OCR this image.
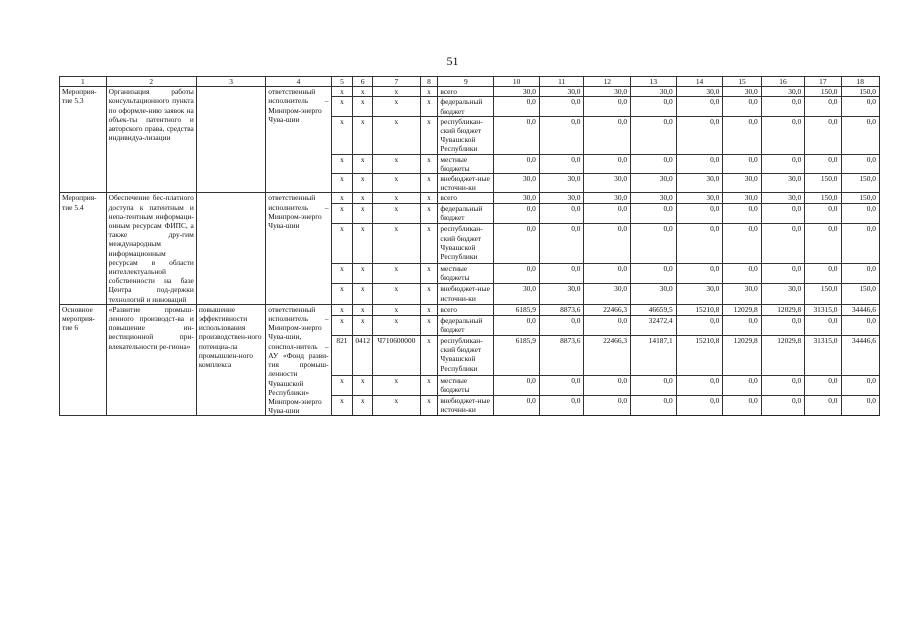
51
1	2	3	4	5	6	7	8	9	10	11	12	13	14	15	16	17	18
Мероприя-тие 5.3	Организация работы консультационного пункта по оформле-нию заявок на объек-ты патентного и авторского права, средства индивидуа-лизации		ответственный исполнитель – Минпром-энерго Чува-шии	x	x	x	x	всего	30,0	30,0	30,0	30,0	30,0	30,0	30,0	150,0	150,0
				x	x	x	x	федеральный бюджет	0,0	0,0	0,0	0,0	0,0	0,0	0,0	0,0	0,0
				x	x	x	x	республикан-ский бюджет Чувашской Республики	0,0	0,0	0,0	0,0	0,0	0,0	0,0	0,0	0,0
				x	x	x	x	местные бюджеты	0,0	0,0	0,0	0,0	0,0	0,0	0,0	0,0	0,0
				x	x	x	x	внебюджет-ные источни-ки	30,0	30,0	30,0	30,0	30,0	30,0	30,0	150,0	150,0
Мероприя-тие 5.4	Обеспечение бес-платного доступа к патентным и непа-тентным информаци-онным ресурсам ФИПС, а также дру-гим международным информационным ресурсам в области интеллектуальной собственности на базе Центра под-держки технологий и инноваций		ответственный исполнитель – Минпром-энерго Чува-шии	x	x	x	x	всего	30,0	30,0	30,0	30,0	30,0	30,0	30,0	150,0	150,0
				x	x	x	x	федеральный бюджет	0,0	0,0	0,0	0,0	0,0	0,0	0,0	0,0	0,0
				x	x	x	x	республикан-ский бюджет Чувашской Республики	0,0	0,0	0,0	0,0	0,0	0,0	0,0	0,0	0,0
				x	x	x	x	местные бюджеты	0,0	0,0	0,0	0,0	0,0	0,0	0,0	0,0	0,0
				x	x	x	x	внебюджет-ные источни-ки	30,0	30,0	30,0	30,0	30,0	30,0	30,0	150,0	150,0
Основное мероприя-тие 6	«Развитие промыш-ленного производст-ва и повышение ин-вестиционной при-влекательности ре-гиона»	повышение эффективности использования производствен-ного потенциа-ла промышлен-ного комплекса	ответственный исполнитель – Минпром-энерго Чува-шии, соиспол-нитель – АУ «Фонд разви-тия промыш-ленности Чувашской Республики» Минпром-энерго Чува-шии	x	x	x	x	всего	6185,9	8873,6	22466,3	46659,5	15210,8	12029,8	12029,8	31315,0	34446,6
				x	x	x	x	федеральный бюджет	0,0	0,0	0,0	32472,4	0,0	0,0	0,0	0,0	0,0
				821	0412	Ч710600000	x	республикан-ский бюджет Чувашской Республики	6185,9	8873,6	22466,3	14187,1	15210,8	12029,8	12029,8	31315,0	34446,6
				x	x	x	x	местные бюджеты	0,0	0,0	0,0	0,0	0,0	0,0	0,0	0,0	0,0
				x	x	x	x	внебюджет-ные источни-ки	0,0	0,0	0,0	0,0	0,0	0,0	0,0	0,0	0,0
